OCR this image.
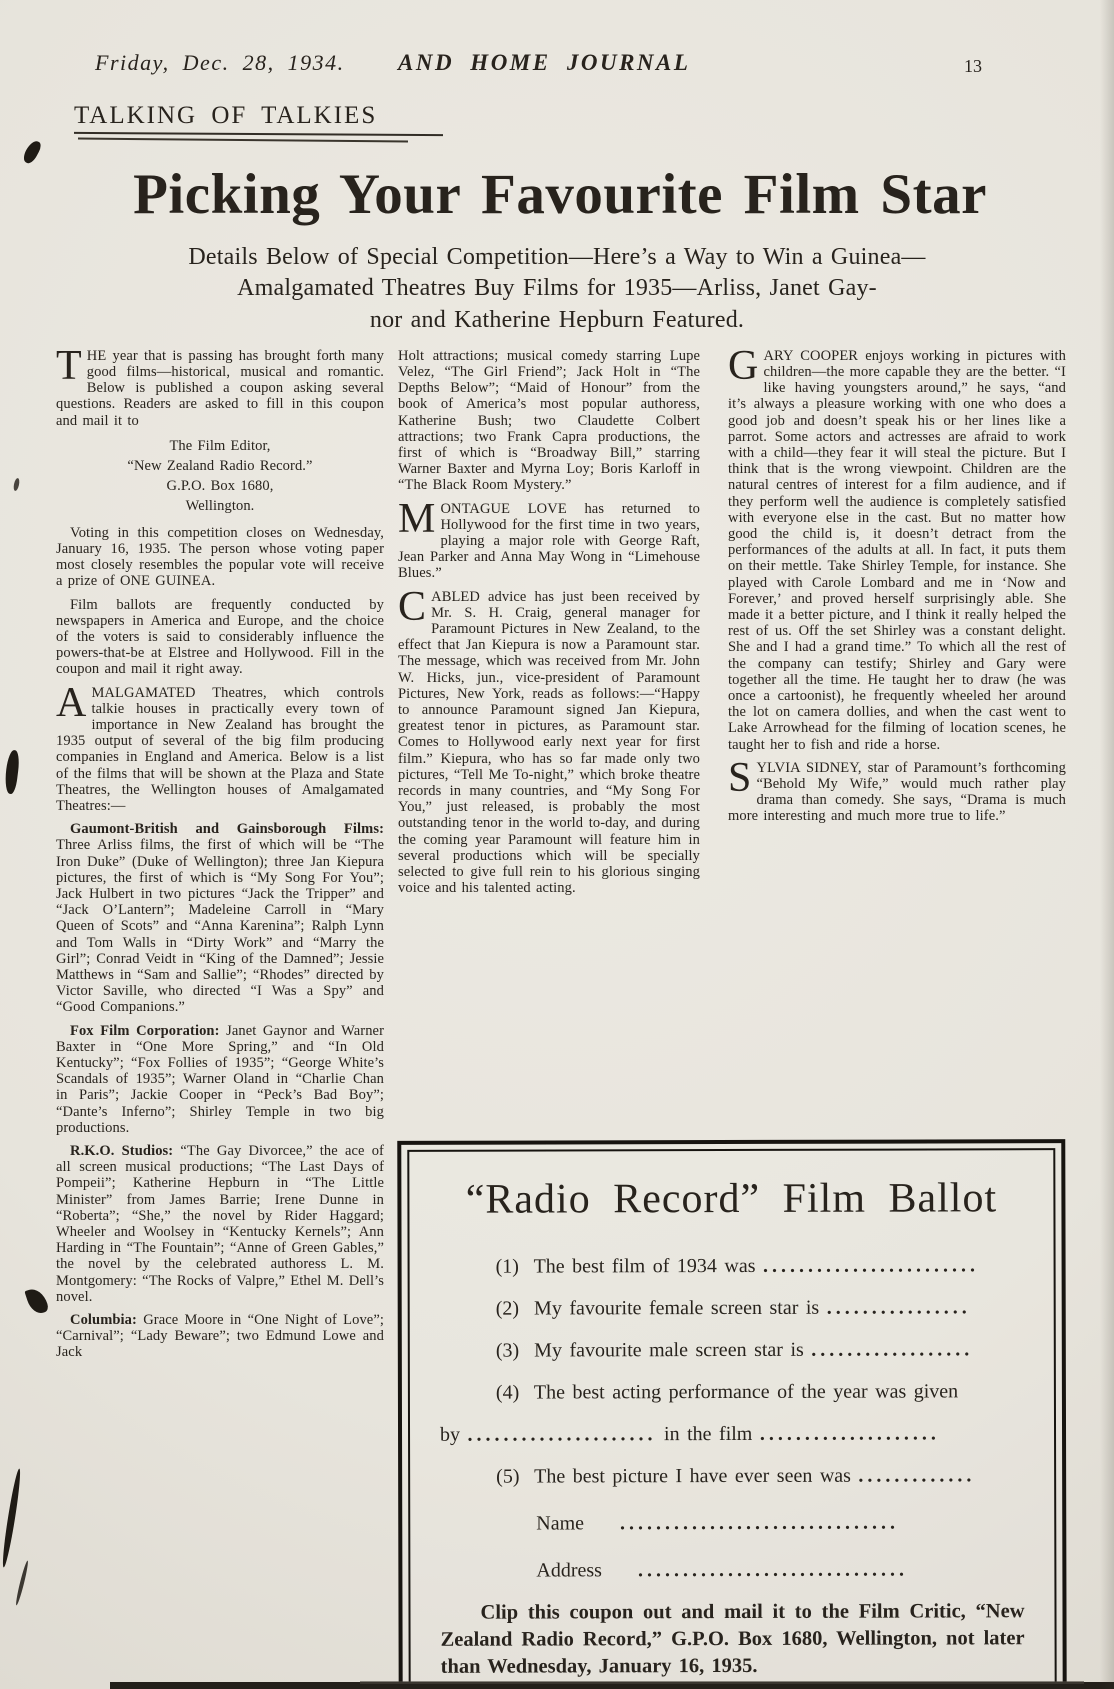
Friday, Dec. 28, 1934. AND HOME JOURNAL	13
TALKING OF TALKIES
Picking Your Favourite Film Star
Details Below of Special Competition—Here’s a Way to Win a Guinea—
Amalgamated Theatres Buy Films for 1935—Arliss, Janet Gay-
nor and Katherine Hepburn Featured.

THE year that is passing has brought forth many good films—historical, musical and romantic. Below is published a coupon asking several questions. Readers are asked to fill in this coupon and mail it to

The Film Editor,
“New Zealand Radio Record.”
G.P.O. Box 1680,
Wellington.

Voting in this competition closes on Wednesday, January 16, 1935. The person whose voting paper most closely resembles the popular vote will receive a prize of ONE GUINEA.

Film ballots are frequently conducted by newspapers in America and Europe, and the choice of the voters is said to considerably influence the powers-that-be at Elstree and Hollywood. Fill in the coupon and mail it right away.

AMALGAMATED Theatres, which controls talkie houses in practically every town of importance in New Zealand has brought the 1935 output of several of the big film producing companies in England and America. Below is a list of the films that will be shown at the Plaza and State Theatres, the Wellington houses of Amalgamated Theatres:—

Gaumont-British and Gainsborough Films: Three Arliss films, the first of which will be “The Iron Duke” (Duke of Wellington); three Jan Kiepura pictures, the first of which is “My Song For You”; Jack Hulbert in two pictures “Jack the Tripper” and “Jack O’Lantern”; Madeleine Carroll in “Mary Queen of Scots” and “Anna Karenina”; Ralph Lynn and Tom Walls in “Dirty Work” and “Marry the Girl”; Conrad Veidt in “King of the Damned”; Jessie Matthews in “Sam and Sallie”; “Rhodes” directed by Victor Saville, who directed “I Was a Spy” and “Good Companions.”

Fox Film Corporation: Janet Gaynor and Warner Baxter in “One More Spring,” and “In Old Kentucky”; “Fox Follies of 1935”; “George White’s Scandals of 1935”; Warner Oland in “Charlie Chan in Paris”; Jackie Cooper in “Peck’s Bad Boy”; “Dante’s Inferno”; Shirley Temple in two big productions.

R.K.O. Studios: “The Gay Divorcee,” the ace of all screen musical productions; “The Last Days of Pompeii”; Katherine Hepburn in “The Little Minister” from James Barrie; Irene Dunne in “Roberta”; “She,” the novel by Rider Haggard; Wheeler and Woolsey in “Kentucky Kernels”; Ann Harding in “The Fountain”; “Anne of Green Gables,” the novel by the celebrated authoress L. M. Montgomery: “The Rocks of Valpre,” Ethel M. Dell’s novel.

Columbia: Grace Moore in “One Night of Love”; “Carnival”; “Lady Beware”; two Edmund Lowe and Jack

Holt attractions; musical comedy starring Lupe Velez, “The Girl Friend”; Jack Holt in “The Depths Below”; “Maid of Honour” from the book of America’s most popular authoress, Katherine Bush; two Claudette Colbert attractions; two Frank Capra productions, the first of which is “Broadway Bill,” starring Warner Baxter and Myrna Loy; Boris Karloff in “The Black Room Mystery.”

MONTAGUE LOVE has returned to Hollywood for the first time in two years, playing a major role with George Raft, Jean Parker and Anna May Wong in “Limehouse Blues.”

CABLED advice has just been received by Mr. S. H. Craig, general manager for Paramount Pictures in New Zealand, to the effect that Jan Kiepura is now a Paramount star. The message, which was received from Mr. John W. Hicks, jun., vice-president of Paramount Pictures, New York, reads as follows:—“Happy to announce Paramount signed Jan Kiepura, greatest tenor in pictures, as Paramount star. Comes to Hollywood early next year for first film.” Kiepura, who has so far made only two pictures, “Tell Me To-night,” which broke theatre records in many countries, and “My Song For You,” just released, is probably the most outstanding tenor in the world to-day, and during the coming year Paramount will feature him in several productions which will be specially selected to give full rein to his glorious singing voice and his talented acting.

GARY COOPER enjoys working in pictures with children—the more capable they are the better. “I like having youngsters around,” he says, “and it’s always a pleasure working with one who does a good job and doesn’t speak his or her lines like a parrot. Some actors and actresses are afraid to work with a child—they fear it will steal the picture. But I think that is the wrong viewpoint. Children are the natural centres of interest for a film audience, and if they perform well the audience is completely satisfied with everyone else in the cast. But no matter how good the child is, it doesn’t detract from the performances of the adults at all. In fact, it puts them on their mettle. Take Shirley Temple, for instance. She played with Carole Lombard and me in ‘Now and Forever,’ and proved herself surprisingly able. She made it a better picture, and I think it really helped the rest of us. Off the set Shirley was a constant delight. She and I had a grand time.” To which all the rest of the company can testify; Shirley and Gary were together all the time. He taught her to draw (he was once a cartoonist), he frequently wheeled her around the lot on camera dollies, and when the cast went to Lake Arrowhead for the filming of location scenes, he taught her to fish and ride a horse.

SYLVIA SIDNEY, star of Paramount’s forthcoming “Behold My Wife,” would much rather play drama than comedy. She says, “Drama is much more interesting and much more true to life.”

“Radio Record” Film Ballot
(1) The best film of 1934 was ........................
(2) My favourite female screen star is ................
(3) My favourite male screen star is ..................
(4) The best acting performance of the year was given
by ..................... in the film ....................
(5) The best picture I have ever seen was .............
Name ...............................
Address ..............................

Clip this coupon out and mail it to the Film Critic, “New Zealand Radio Record,” G.P.O. Box 1680, Wellington, not later than Wednesday, January 16, 1935.
